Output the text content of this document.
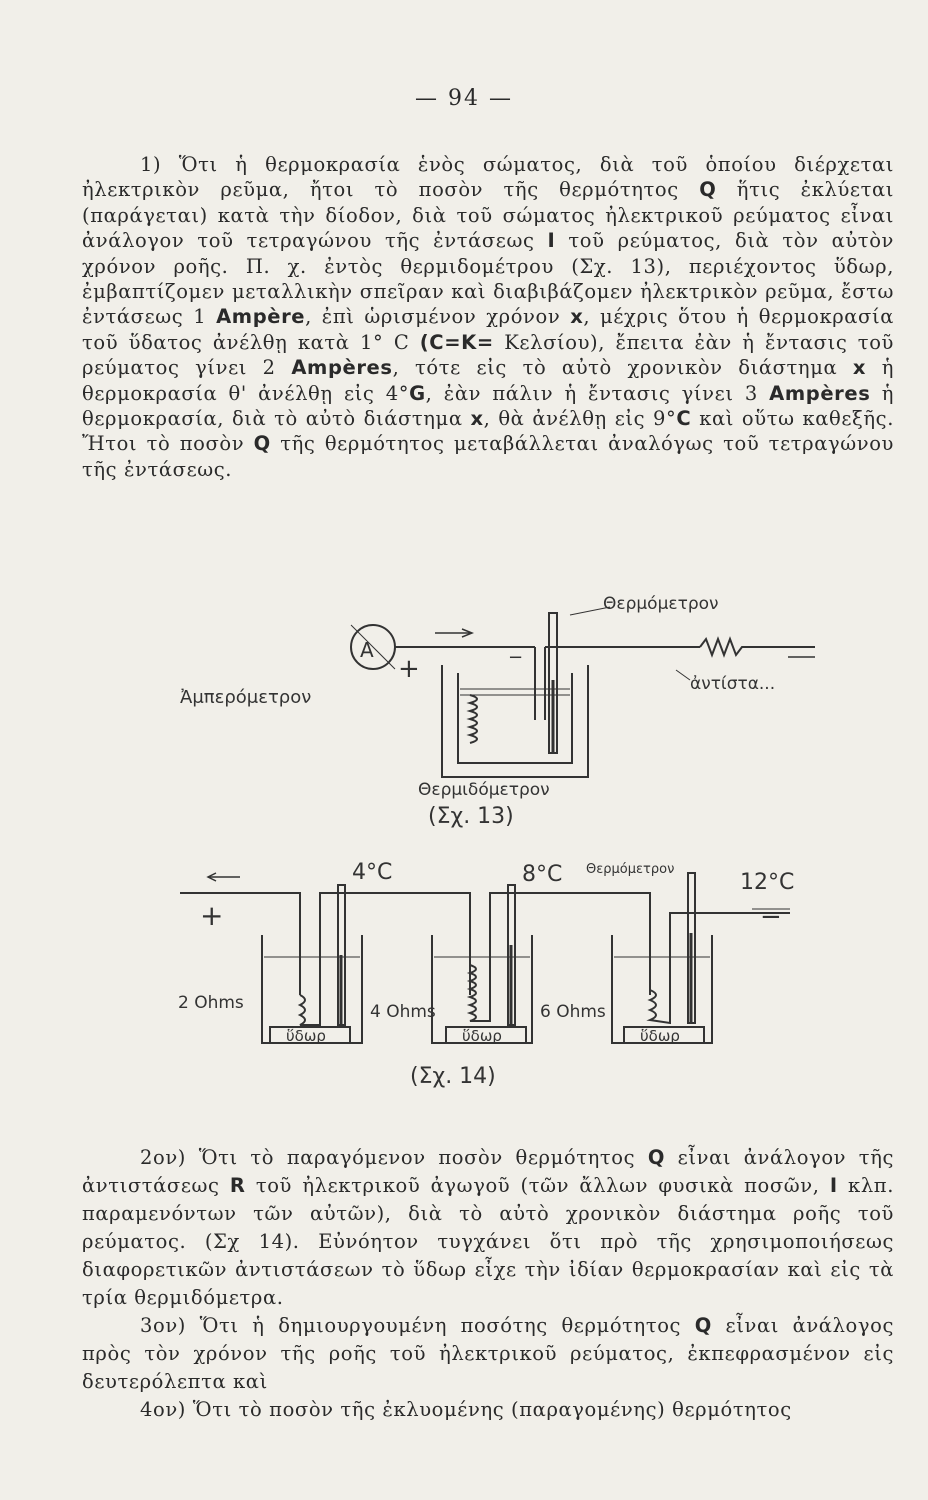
— 94 —

1) Ὅτι ἡ θερμοκρασία ἑνὸς σώματος, διὰ τοῦ ὁποίου διέρχεται ἠλεκτρικὸν ρεῦμα, ἤτοι τὸ ποσὸν τῆς θερμότητος Q ἥτις ἐκλύεται (παράγεται) κατὰ τὴν δίοδον, διὰ τοῦ σώματος ἠλεκτρικοῦ ρεύματος εἶναι ἀνάλογον τοῦ τετραγώνου τῆς ἐντάσεως I τοῦ ρεύματος, διὰ τὸν αὐτὸν χρόνον ροῆς. Π. χ. ἐντὸς θερμιδομέτρου (Σχ. 13), περιέχοντος ὕδωρ, ἐμβαπτίζομεν μεταλλικὴν σπεῖραν καὶ διαβιβάζομεν ἠλεκτρικὸν ρεῦμα, ἔστω ἐντάσεως 1 Ampère, ἐπὶ ὡρισμένον χρόνον x, μέχρις ὅτου ἡ θερμοκρασία τοῦ ὕδατος ἀνέλθῃ κατὰ 1° C (C=K= Κελσίου), ἔπειτα ἐὰν ἡ ἔντασις τοῦ ρεύματος γίνει 2 Ampères, τότε εἰς τὸ αὐτὸ χρονικὸν διάστημα x ἡ θερμοκρασία θ' ἀνέλθῃ εἰς 4°G, ἐὰν πάλιν ἡ ἔντασις γίνει 3 Ampères ἡ θερμοκρασία, διὰ τὸ αὐτὸ διάστημα x, θὰ ἀνέλθῃ εἰς 9°C καὶ οὕτω καθεξῆς. Ἤτοι τὸ ποσὸν Q τῆς θερμότητος μεταβάλλεται ἀναλόγως τοῦ τετραγώνου τῆς ἐντάσεως.

A
+	−
Ἀμπερόμετρον
Θερμόμετρον
ἀντίστα...
Θερμιδόμετρον
(Σχ. 13)
+	−
4°C	8°C	12°C
Θερμόμετρον
2 Ohms	4 Ohms	6 Ohms
ὕδωρ	ὕδωρ	ὕδωρ
(Σχ. 14)

2ον) Ὅτι τὸ παραγόμενον ποσὸν θερμότητος Q εἶναι ἀνάλογον τῆς ἀντιστάσεως R τοῦ ἠλεκτρικοῦ ἀγωγοῦ (τῶν ἄλλων φυσικὰ ποσῶν, I κλπ. παραμενόντων τῶν αὐτῶν), διὰ τὸ αὐτὸ χρονικὸν διάστημα ροῆς τοῦ ρεύματος. (Σχ 14). Εὐνόητον τυγχάνει ὅτι πρὸ τῆς χρησιμοποιήσεως διαφορετικῶν ἀντιστάσεων τὸ ὕδωρ εἶχε τὴν ἰδίαν θερμοκρασίαν καὶ εἰς τὰ τρία θερμιδόμετρα.

3ον) Ὅτι ἡ δημιουργουμένη ποσότης θερμότητος Q εἶναι ἀνάλογος πρὸς τὸν χρόνον τῆς ροῆς τοῦ ἠλεκτρικοῦ ρεύματος, ἐκπεφρασμένον εἰς δευτερόλεπτα καὶ

4ον) Ὅτι τὸ ποσὸν τῆς ἐκλυομένης (παραγομένης) θερμότητος
